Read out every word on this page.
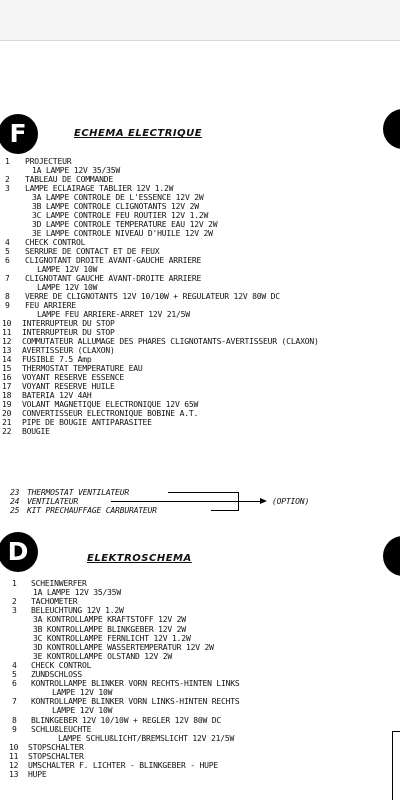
F	ECHEMA ELECTRIQUE
1 PROJECTEUR
1A LAMPE 12V 35/35W
2 TABLEAU DE COMMANDE
3 LAMPE ECLAIRAGE TABLIER 12V 1.2W
3A LAMPE CONTROLE DE L'ESSENCE 12V 2W
3B LAMPE CONTROLE CLIGNOTANTS 12V 2W
3C LAMPE CONTROLE FEU ROUTIER 12V 1.2W
3D LAMPE CONTROLE TEMPERATURE EAU 12V 2W
3E LAMPE CONTROLE NIVEAU D'HUILE 12V 2W
4 CHECK CONTROL
5 SERRURE DE CONTACT ET DE FEUX
6 CLIGNOTANT DROITE AVANT-GAUCHE ARRIERE
LAMPE 12V 10W
7 CLIGNOTANT GAUCHE AVANT-DROITE ARRIERE
LAMPE 12V 10W
8 VERRE DE CLIGNOTANTS 12V 10/10W + REGULATEUR 12V 80W DC
9 FEU ARRIERE
LAMPE FEU ARRIERE-ARRET 12V 21/5W
10 INTERRUPTEUR DU STOP
11 INTERRUPTEUR DU STOP
12 COMMUTATEUR ALLUMAGE DES PHARES CLIGNOTANTS-AVERTISSEUR (CLAXON)
13 AVERTISSEUR (CLAXON)
14 FUSIBLE 7.5 Amp
15 THERMOSTAT TEMPERATURE EAU
16 VOYANT RESERVE ESSENCE
17 VOYANT RESERVE HUILE
18 BATERIA 12V 4AH
19 VOLANT MAGNETIQUE ELECTRONIQUE 12V 65W
20 CONVERTISSEUR ELECTRONIQUE BOBINE A.T.
21 PIPE DE BOUGIE ANTIPARASITEE
22 BOUGIE
23 THERMOSTAT VENTILATEUR
24 VENTILATEUR
25 KIT PRECHAUFFAGE CARBURATEUR
(OPTION)
D	ELEKTROSCHEMA
1 SCHEINWERFER
1A LAMPE 12V 35/35W
2 TACHOMETER
3 BELEUCHTUNG 12V 1.2W
3A KONTROLLAMPE KRAFTSTOFF 12V 2W
3B KONTROLLAMPE BLINKGEBER 12V 2W
3C KONTROLLAMPE FERNLICHT 12V 1.2W
3D KONTROLLAMPE WASSERTEMPERATUR 12V 2W
3E KONTROLLAMPE OLSTAND 12V 2W
4 CHECK CONTROL
5 ZUNDSCHLOSS
6 KONTROLLAMPE BLINKER VORN RECHTS-HINTEN LINKS
LAMPE 12V 10W
7 KONTROLLAMPE BLINKER VORN LINKS-HINTEN RECHTS
LAMPE 12V 10W
8 BLINKGEBER 12V 10/10W + REGLER 12V 80W DC
9 SCHLUßLEUCHTE
LAMPE SCHLUßLICHT/BREMSLICHT 12V 21/5W
10 STOPSCHALTER
11 STOPSCHALTER
12 UMSCHALTER F. LICHTER - BLINKGEBER - HUPE
13 HUPE
